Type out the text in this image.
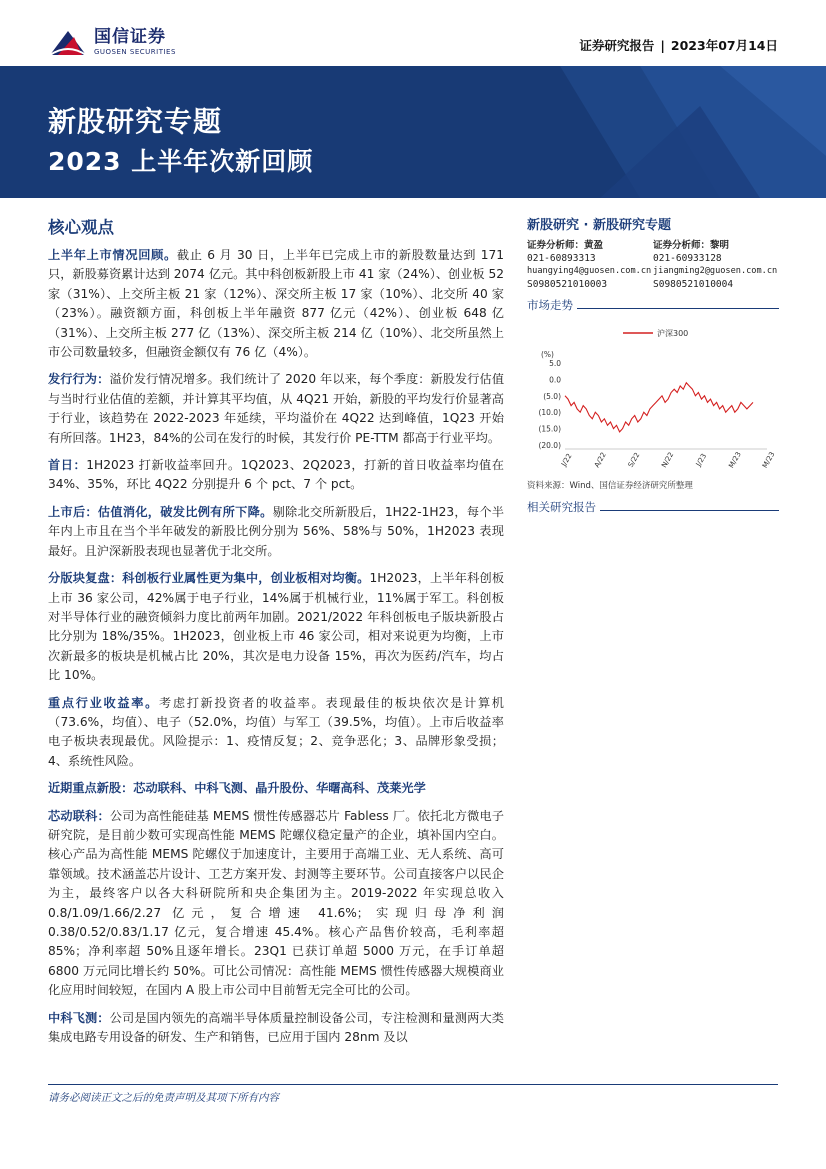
国信证券
GUOSEN SECURITIES	证券研究报告 | 2023年07月14日
新股研究专题
2023 上半年次新回顾
核心观点
上半年上市情况回顾。截止 6 月 30 日，上半年已完成上市的新股数量达到 171 只，新股募资累计达到 2074 亿元。其中科创板新股上市 41 家（24%）、创业板 52 家（31%）、上交所主板 21 家（12%）、深交所主板 17 家（10%）、北交所 40 家（23%）。融资额方面，科创板上半年融资 877 亿元（42%）、创业板 648 亿（31%）、上交所主板 277 亿（13%）、深交所主板 214 亿（10%）、北交所虽然上市公司数量较多，但融资金额仅有 76 亿（4%）。
发行行为：溢价发行情况增多。我们统计了 2020 年以来，每个季度：新股发行估值与当时行业估值的差额，并计算其平均值，从 4Q21 开始，新股的平均发行价显著高于行业，该趋势在 2022-2023 年延续，平均溢价在 4Q22 达到峰值，1Q23 开始有所回落。1H23，84%的公司在发行的时候，其发行价 PE-TTM 都高于行业平均。
首日：1H2023 打新收益率回升。1Q2023、2Q2023，打新的首日收益率均值在 34%、35%，环比 4Q22 分别提升 6 个 pct、7 个 pct。
上市后：估值消化，破发比例有所下降。剔除北交所新股后，1H22-1H23，每个半年内上市且在当个半年破发的新股比例分别为 56%、58%与 50%，1H2023 表现最好。且沪深新股表现也显著优于北交所。
分版块复盘：科创板行业属性更为集中，创业板相对均衡。1H2023，上半年科创板上市 36 家公司，42%属于电子行业，14%属于机械行业，11%属于军工。科创板对半导体行业的融资倾斜力度比前两年加剧。2021/2022 年科创板电子版块新股占比分别为 18%/35%。1H2023，创业板上市 46 家公司，相对来说更为均衡，上市次新最多的板块是机械占比 20%，其次是电力设备 15%，再次为医药/汽车，均占比 10%。
重点行业收益率。考虑打新投资者的收益率。表现最佳的板块依次是计算机（73.6%，均值）、电子（52.0%，均值）与军工（39.5%，均值）。上市后收益率电子板块表现最优。风险提示：1、疫情反复；2、竞争恶化；3、品牌形象受损；4、系统性风险。
近期重点新股：芯动联科、中科飞测、晶升股份、华曙高科、茂莱光学
芯动联科：公司为高性能硅基 MEMS 惯性传感器芯片 Fabless 厂。依托北方微电子研究院，是目前少数可实现高性能 MEMS 陀螺仪稳定量产的企业，填补国内空白。核心产品为高性能 MEMS 陀螺仪于加速度计，主要用于高端工业、无人系统、高可靠领域。技术涵盖芯片设计、工艺方案开发、封测等主要环节。公司直接客户以民企为主，最终客户以各大科研院所和央企集团为主。2019-2022 年实现总收入 0.8/1.09/1.66/2.27 亿元，复合增速 41.6%；实现归母净利润 0.38/0.52/0.83/1.17 亿元，复合增速 45.4%。核心产品售价较高，毛利率超 85%；净利率超 50%且逐年增长。23Q1 已获订单超 5000 万元，在手订单超 6800 万元同比增长约 50%。可比公司情况：高性能 MEMS 惯性传感器大规模商业化应用时间较短，在国内 A 股上市公司中目前暂无完全可比的公司。
中科飞测：公司是国内领先的高端半导体质量控制设备公司，专注检测和量测两大类集成电路专用设备的研发、生产和销售，已应用于国内 28nm 及以
新股研究 · 新股研究专题
证券分析师：黄盈
021-60893313
huangying4@guosen.com.cn
S0980521010003
证券分析师：黎明
021-60933128
jiangming2@guosen.com.cn
S0980521010004
市场走势
沪深300
(%)
5.0
0.0
(5.0)
(10.0)
(15.0)
(20.0)
J/22	A/22	S/22	N/22	J/23	M/23	M/23
资料来源：Wind、国信证券经济研究所整理
相关研究报告
请务必阅读正文之后的免责声明及其项下所有内容
